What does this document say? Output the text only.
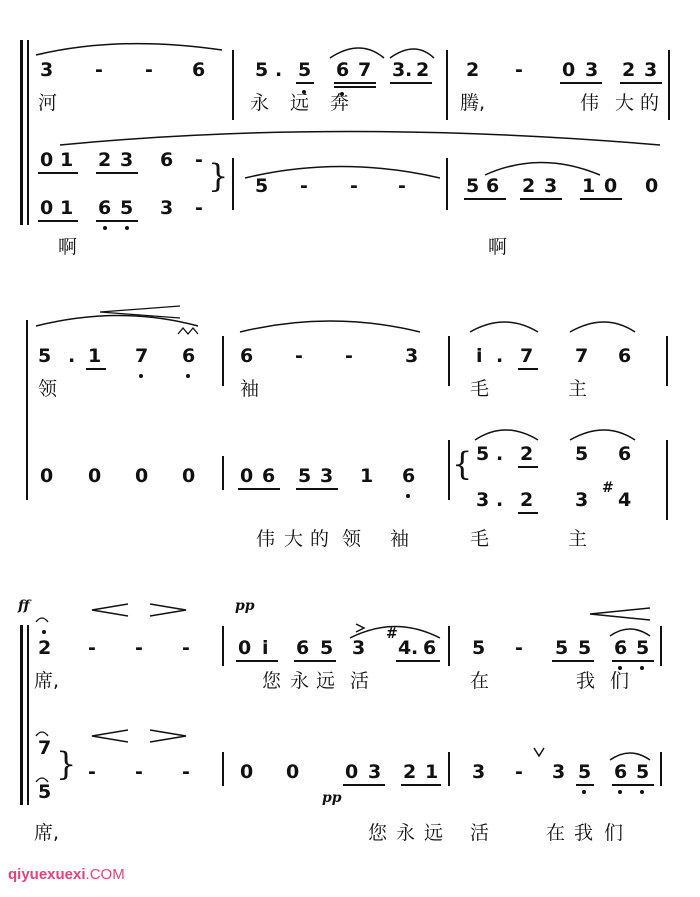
3 - - 6	5 . 5 6 7 3 . 2 2 - 0 3 2 3
河	永 远 奔	腾,	伟 大 的
0 1 2 3 6 -
0 1 6 5 3 -
} 5 - - -	5 6 2 3 1 0 0
啊	啊
5 . 1 7 6 6 - -	3	i . 7 7 6
领	袖	毛	主
0 0 0 0 0 6 5 3 1 6 { 5 . 2 5 6
3 . 2 3
#
4
伟 大 的 领 袖	毛	主
ff	pp
pp
2 - - -	0 i 6 5 3
#
4 . 6 5 - 5 5 6 5
席,	您 永 远 活	在	我 们
7
5
} - - -	0 0 0 3 2 1 3 - 3 5 6 5
席,	您 永 远 活	在 我 们
qiyuexuexi.COM
